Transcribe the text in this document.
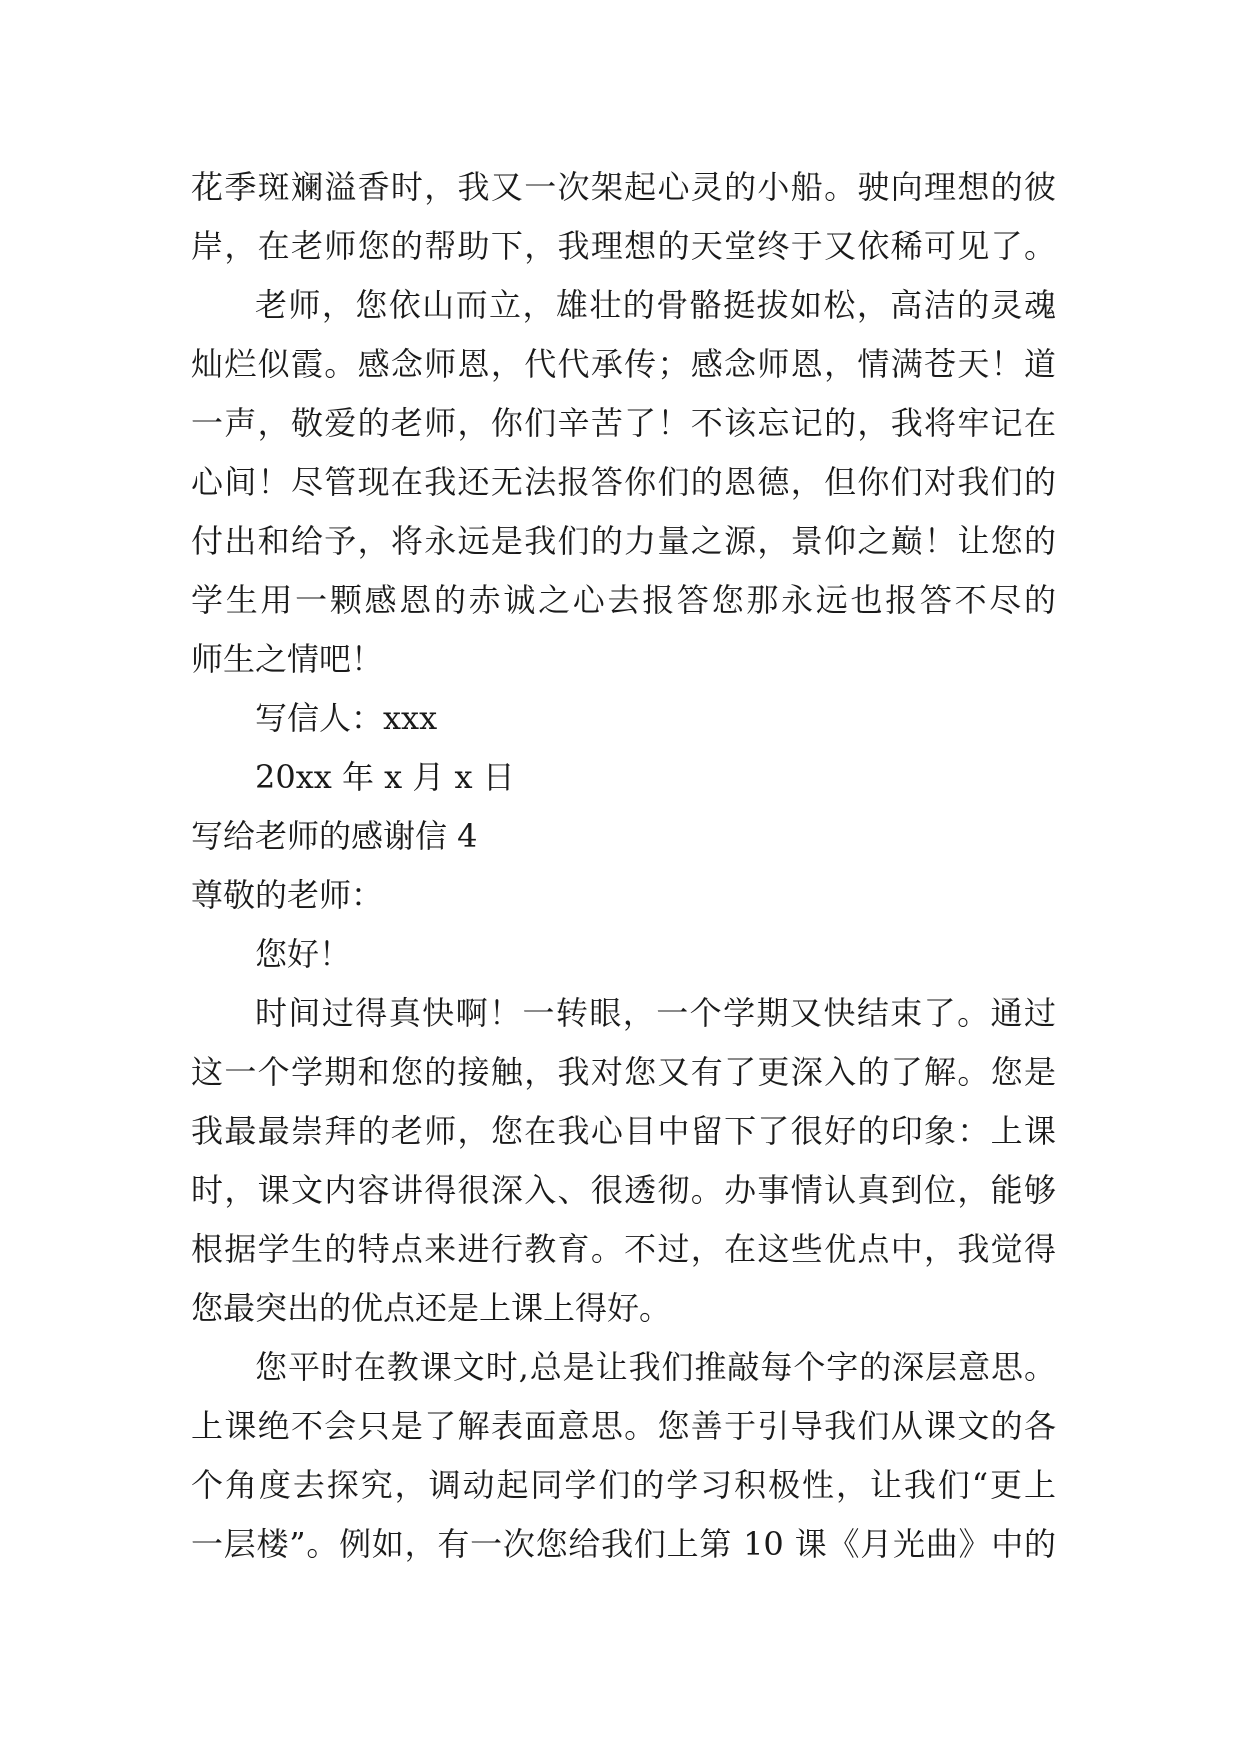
花季斑斓溢香时，我又一次架起心灵的小船。驶向理想的彼
岸，在老师您的帮助下，我理想的天堂终于又依稀可见了。
老师，您依山而立，雄壮的骨骼挺拔如松，高洁的灵魂
灿烂似霞。感念师恩，代代承传；感念师恩，情满苍天！道
一声，敬爱的老师，你们辛苦了！不该忘记的，我将牢记在
心间！尽管现在我还无法报答你们的恩德，但你们对我们的
付出和给予，将永远是我们的力量之源，景仰之巅！让您的
学生用一颗感恩的赤诚之心去报答您那永远也报答不尽的
师生之情吧！
写信人：xxx
20xx 年 x 月 x 日
写给老师的感谢信 4
尊敬的老师：
您好！
时间过得真快啊！一转眼，一个学期又快结束了。通过
这一个学期和您的接触，我对您又有了更深入的了解。您是
我最最崇拜的老师，您在我心目中留下了很好的印象：上课
时，课文内容讲得很深入、很透彻。办事情认真到位，能够
根据学生的特点来进行教育。不过，在这些优点中，我觉得
您最突出的优点还是上课上得好。
您平时在教课文时,总是让我们推敲每个字的深层意思。
上课绝不会只是了解表面意思。您善于引导我们从课文的各
个角度去探究，调动起同学们的学习积极性，让我们“更上
一层楼”。例如，有一次您给我们上第 10 课《月光曲》中的
